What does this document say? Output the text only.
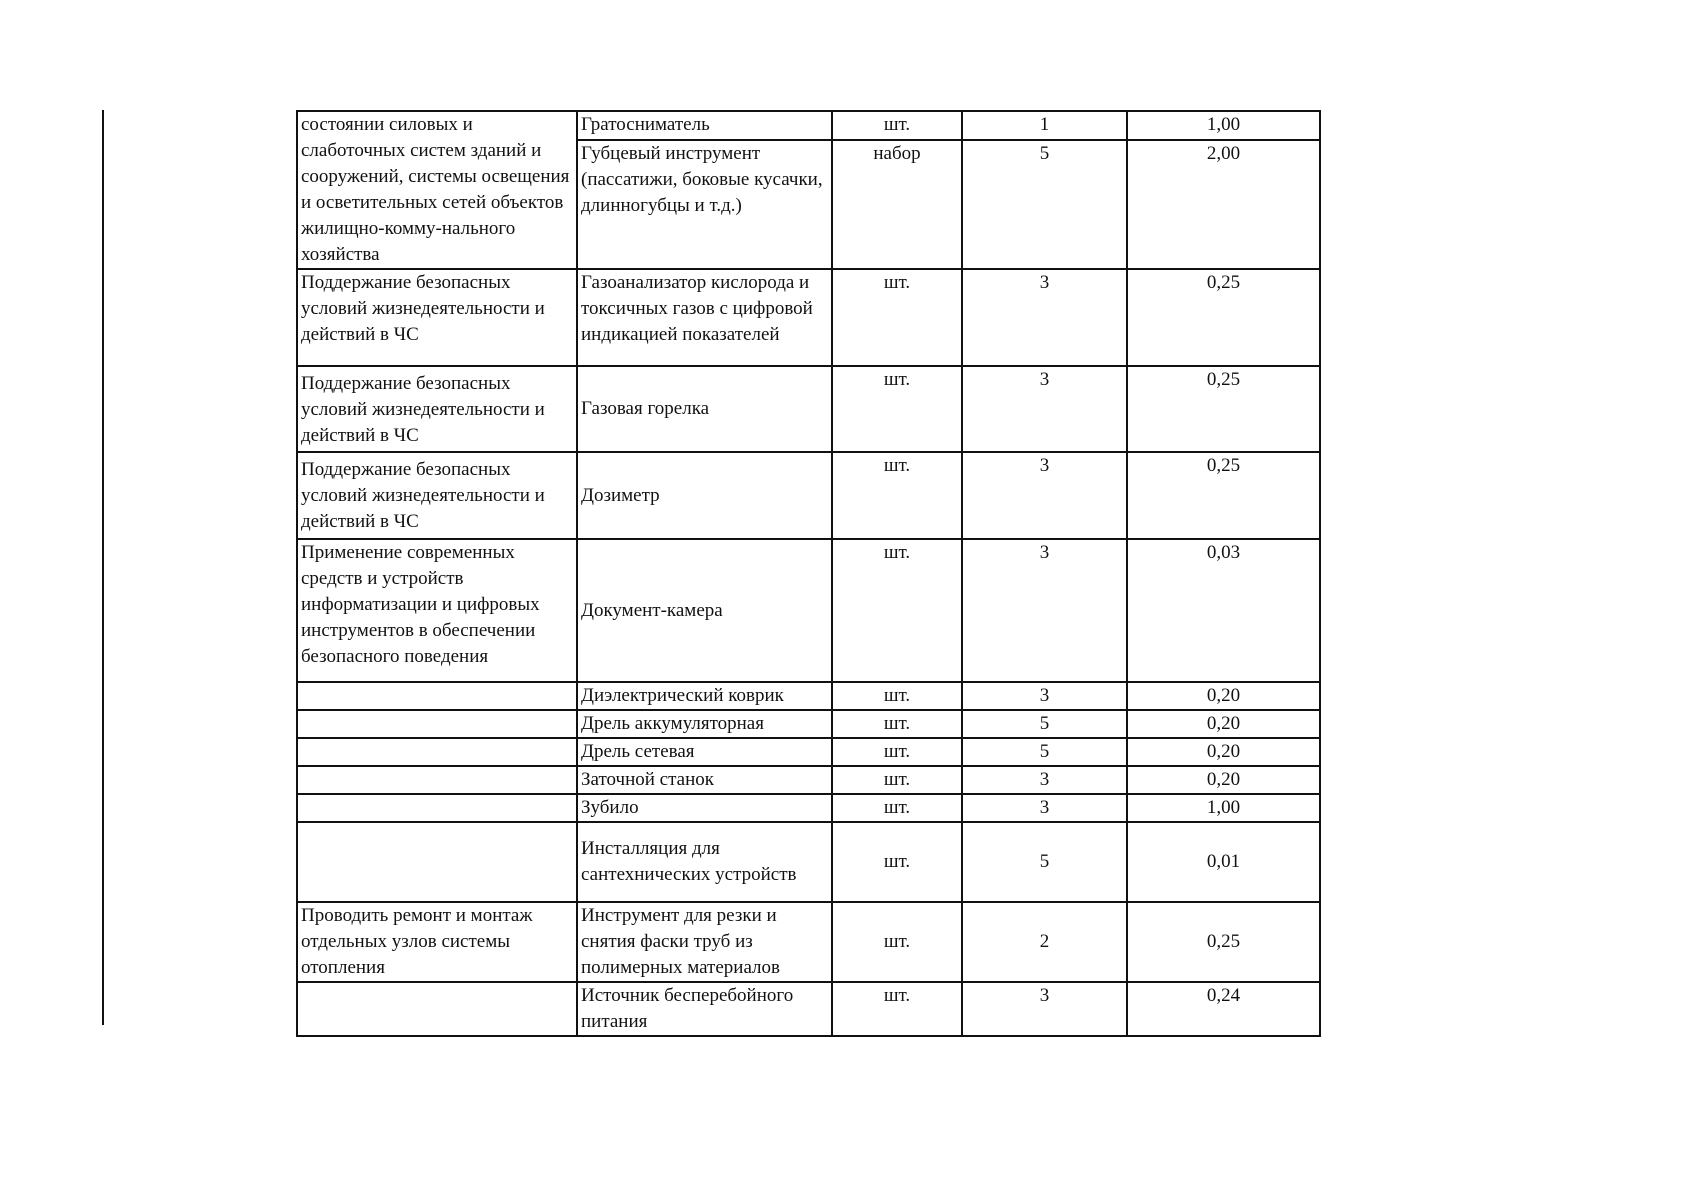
состоянии силовых и слаботочных систем зданий и сооружений, системы освещения и осветительных сетей объектов жилищно-комму-нального хозяйства	Гратосниматель	шт.	1	1,00
	Губцевый инструмент (пассатижи, боковые кусачки, длинногубцы и т.д.)	набор	5	2,00
Поддержание безопасных условий жизнедеятельности и действий в ЧС	Газоанализатор кислорода и токсичных газов с цифровой индикацией показателей	шт.	3	0,25
Поддержание безопасных условий жизнедеятельности и действий в ЧС	Газовая горелка	шт.	3	0,25
Поддержание безопасных условий жизнедеятельности и действий в ЧС	Дозиметр	шт.	3	0,25
Применение современных средств и устройств информатизации и цифровых инструментов в обеспечении безопасного поведения	Документ-камера	шт.	3	0,03
	Диэлектрический коврик	шт.	3	0,20
	Дрель аккумуляторная	шт.	5	0,20
	Дрель сетевая	шт.	5	0,20
	Заточной станок	шт.	3	0,20
	Зубило	шт.	3	1,00
	Инсталляция для сантехнических устройств	шт.	5	0,01
Проводить ремонт и монтаж отдельных узлов системы отопления	Инструмент для резки и снятия фаски труб из полимерных материалов	шт.	2	0,25
	Источник бесперебойного питания	шт.	3	0,24
